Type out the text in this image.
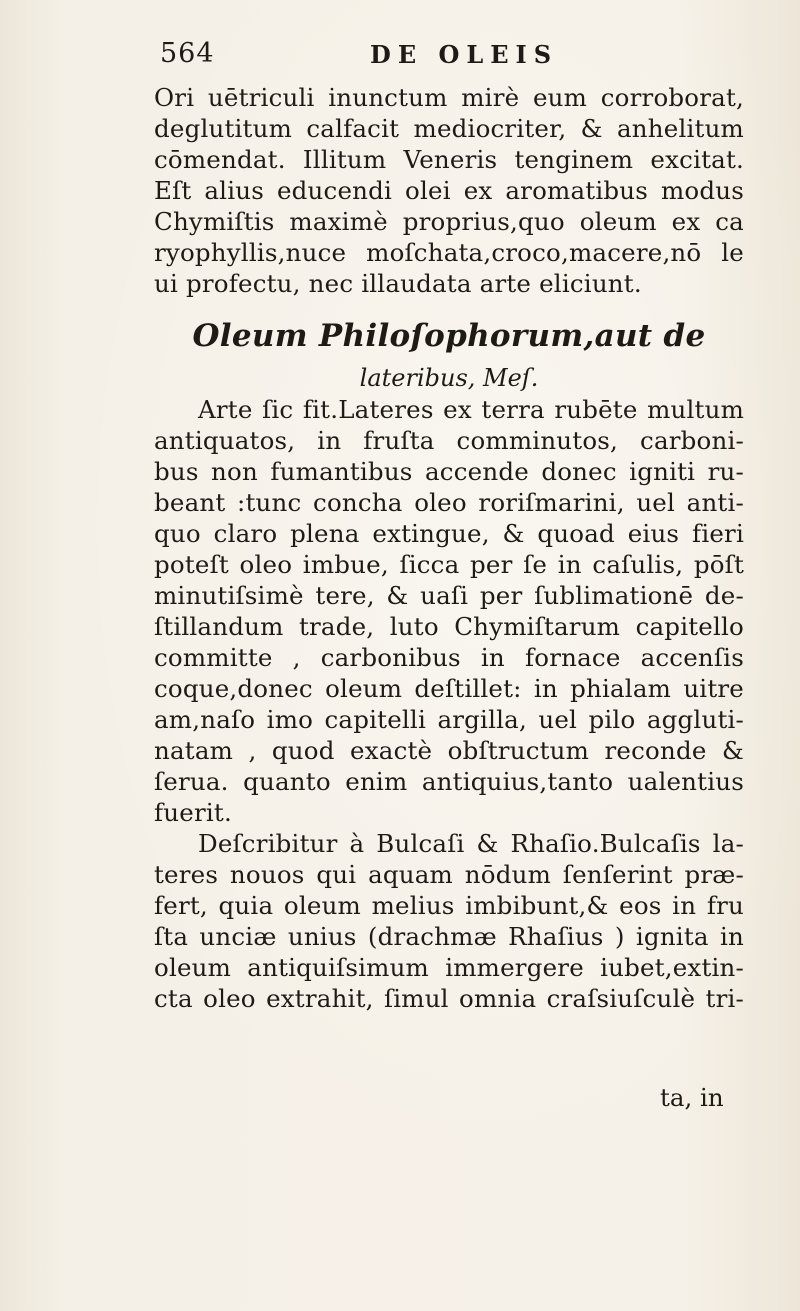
564	DE OLEIS
Ori uētriculi inunctum mirè eum corroborat,
deglutitum calfacit mediocriter, & anhelitum
cōmendat. Illitum Veneris tenginem excitat.
Eſt alius educendi olei ex aromatibus modus
Chymiſtis maximè proprius,quo oleum ex ca
ryophyllis,nuce moſchata,croco,macere,nō le
ui profectu, nec illaudata arte eliciunt.
Oleum Philoſophorum,aut de
lateribus, Meſ.
Arte ſic fit.Lateres ex terra rubēte multum
antiquatos, in fruſta comminutos, carboni-
bus non fumantibus accende donec igniti ru-
beant :tunc concha oleo roriſmarini, uel anti-
quo claro plena extingue, & quoad eius fieri
poteſt oleo imbue, ſicca per ſe in caſulis, pōſt
minutiſsimè tere, & uaſi per ſublimationē de-
ſtillandum trade, luto Chymiſtarum capitello
committe , carbonibus in fornace accenſis
coque,donec oleum deſtillet: in phialam uitre
am,naſo imo capitelli argilla, uel pilo aggluti-
natam , quod exactè obſtructum reconde &
ſerua. quanto enim antiquius,tanto ualentius
fuerit.
Deſcribitur à Bulcaſi & Rhaſio.Bulcaſis la-
teres nouos qui aquam nōdum ſenſerint præ-
fert, quia oleum melius imbibunt,& eos in fru
ſta unciæ unius (drachmæ Rhaſius ) ignita in
oleum antiquiſsimum immergere iubet,extin-
cta oleo extrahit, ſimul omnia craſsiuſculè tri-
ta, in
